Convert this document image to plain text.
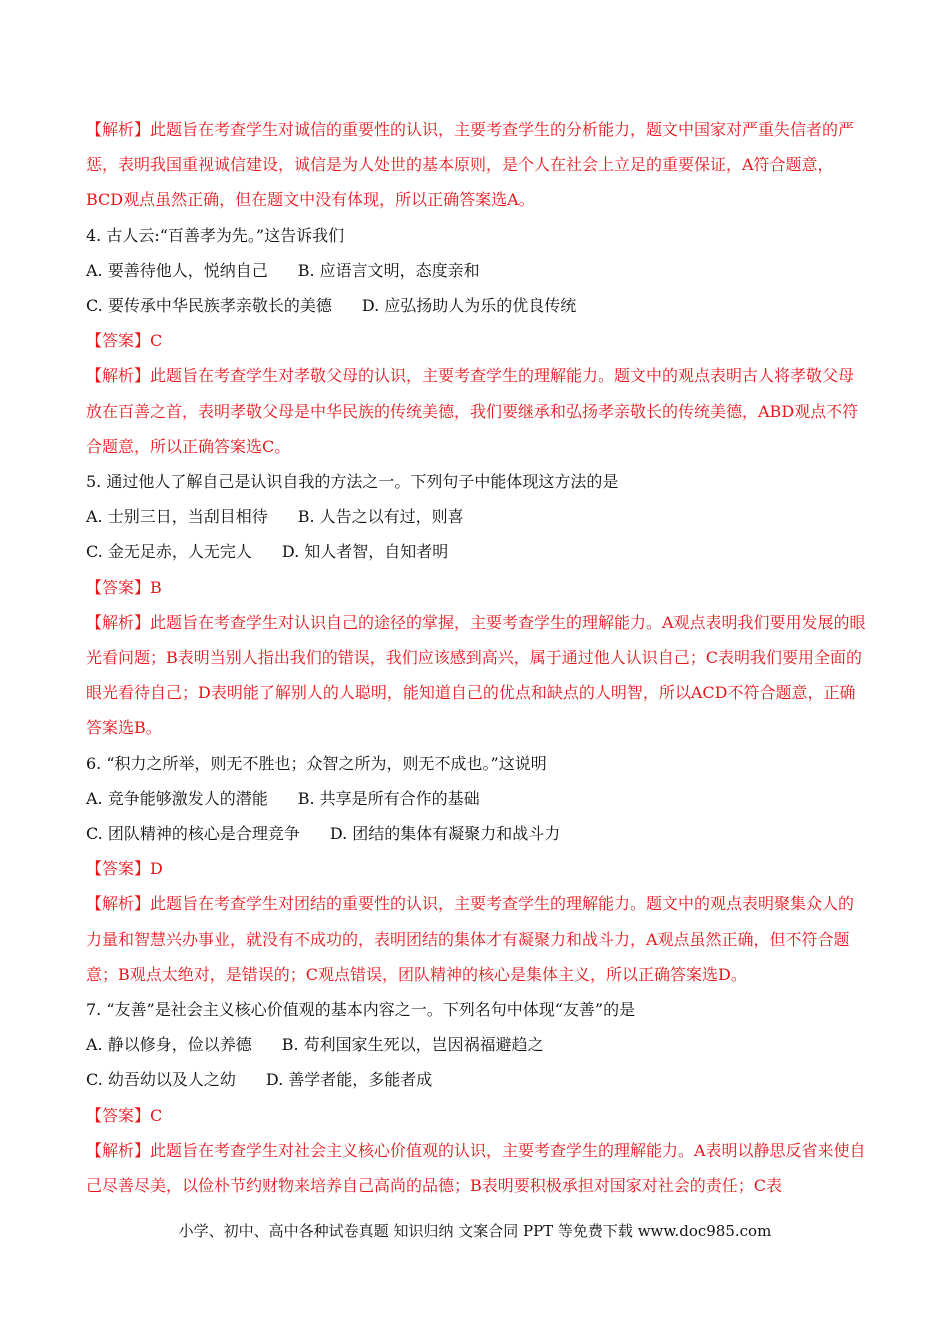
【解析】此题旨在考查学生对诚信的重要性的认识，主要考查学生的分析能力，题文中国家对严重失信者的严惩，表明我国重视诚信建设，诚信是为人处世的基本原则，是个人在社会上立足的重要保证，A符合题意，BCD观点虽然正确，但在题文中没有体现，所以正确答案选A。
4. 古人云:“百善孝为先。”这告诉我们
A. 要善待他人，悦纳自己 B. 应语言文明，态度亲和
C. 要传承中华民族孝亲敬长的美德 D. 应弘扬助人为乐的优良传统
【答案】C
【解析】此题旨在考查学生对孝敬父母的认识，主要考查学生的理解能力。题文中的观点表明古人将孝敬父母放在百善之首，表明孝敬父母是中华民族的传统美德，我们要继承和弘扬孝亲敬长的传统美德，ABD观点不符合题意，所以正确答案选C。
5. 通过他人了解自己是认识自我的方法之一。下列句子中能体现这方法的是
A. 士别三日，当刮目相待 B. 人告之以有过，则喜
C. 金无足赤，人无完人 D. 知人者智，自知者明
【答案】B
【解析】此题旨在考查学生对认识自己的途径的掌握，主要考查学生的理解能力。A观点表明我们要用发展的眼光看问题；B表明当别人指出我们的错误，我们应该感到高兴，属于通过他人认识自己；C表明我们要用全面的眼光看待自己；D表明能了解别人的人聪明，能知道自己的优点和缺点的人明智，所以ACD不符合题意，正确答案选B。
6. “积力之所举，则无不胜也；众智之所为，则无不成也。”这说明
A. 竞争能够激发人的潜能 B. 共享是所有合作的基础
C. 团队精神的核心是合理竞争 D. 团结的集体有凝聚力和战斗力
【答案】D
【解析】此题旨在考查学生对团结的重要性的认识，主要考查学生的理解能力。题文中的观点表明聚集众人的力量和智慧兴办事业，就没有不成功的，表明团结的集体才有凝聚力和战斗力，A观点虽然正确，但不符合题意；B观点太绝对，是错误的；C观点错误，团队精神的核心是集体主义，所以正确答案选D。
7. “友善”是社会主义核心价值观的基本内容之一。下列名句中体现“友善”的是
A. 静以修身，俭以养德 B. 苟利国家生死以，岂因祸福避趋之
C. 幼吾幼以及人之幼 D. 善学者能，多能者成
【答案】C
【解析】此题旨在考查学生对社会主义核心价值观的认识，主要考查学生的理解能力。A表明以静思反省来使自己尽善尽美，以俭朴节约财物来培养自己高尚的品德；B表明要积极承担对国家对社会的责任；C表
小学、初中、高中各种试卷真题 知识归纳 文案合同 PPT 等免费下载 www.doc985.com
